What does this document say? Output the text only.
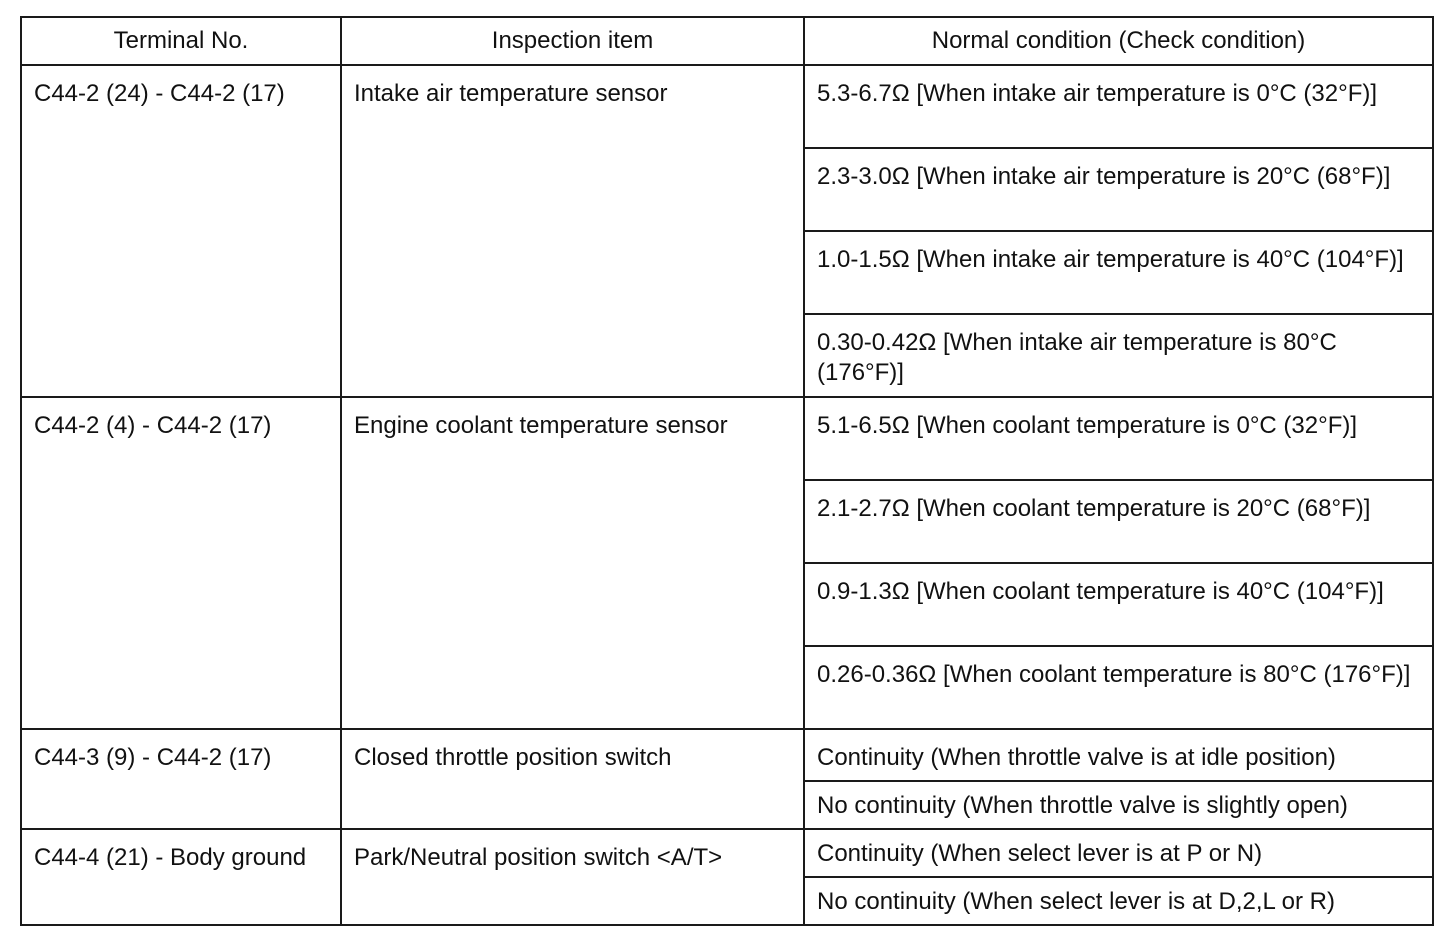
Terminal No.	Inspection item	Normal condition (Check condition)
C44-2 (24) - C44-2 (17)	Intake air temperature sensor	5.3-6.7Ω [When intake air temperature is 0°C (32°F)]
		2.3-3.0Ω [When intake air temperature is 20°C (68°F)]
		1.0-1.5Ω [When intake air temperature is 40°C (104°F)]
		0.30-0.42Ω [When intake air temperature is 80°C (176°F)]
C44-2 (4) - C44-2 (17)	Engine coolant temperature sensor	5.1-6.5Ω [When coolant temperature is 0°C (32°F)]
		2.1-2.7Ω [When coolant temperature is 20°C (68°F)]
		0.9-1.3Ω [When coolant temperature is 40°C (104°F)]
		0.26-0.36Ω [When coolant temperature is 80°C (176°F)]
C44-3 (9) - C44-2 (17)	Closed throttle position switch	Continuity (When throttle valve is at idle position)
		No continuity (When throttle valve is slightly open)
C44-4 (21) - Body ground	Park/Neutral position switch <A/T>	Continuity (When select lever is at P or N)
		No continuity (When select lever is at D,2,L or R)
